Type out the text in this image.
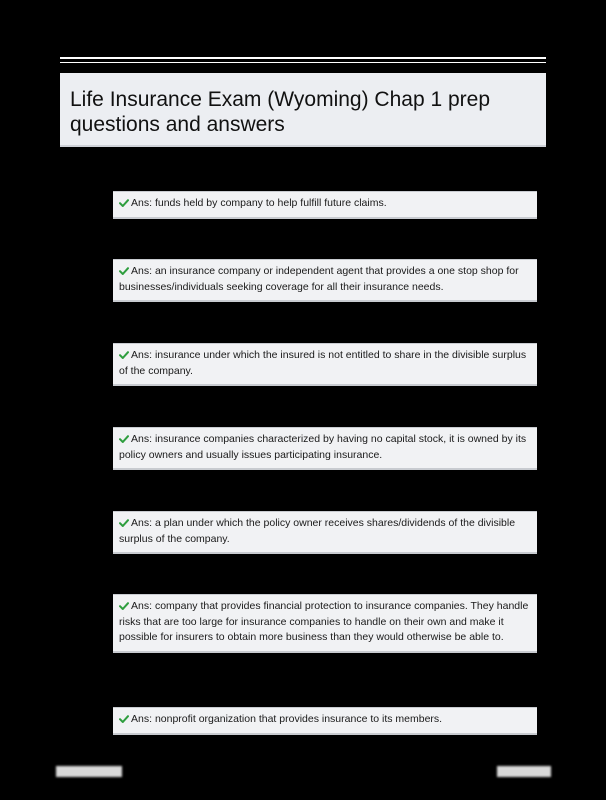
Life Insurance Exam (Wyoming) Chap 1 prep questions and answers

Ans: funds held by company to help fulfill future claims.
Ans: an insurance company or independent agent that provides a one stop shop for businesses/individuals seeking coverage for all their insurance needs.
Ans: insurance under which the insured is not entitled to share in the divisible surplus of the company.
Ans: insurance companies characterized by having no capital stock, it is owned by its policy owners and usually issues participating insurance.
Ans: a plan under which the policy owner receives shares/dividends of the divisible surplus of the company.
Ans: company that provides financial protection to insurance companies. They handle risks that are too large for insurance companies to handle on their own and make it possible for insurers to obtain more business than they would otherwise be able to.
Ans: nonprofit organization that provides insurance to its members.
